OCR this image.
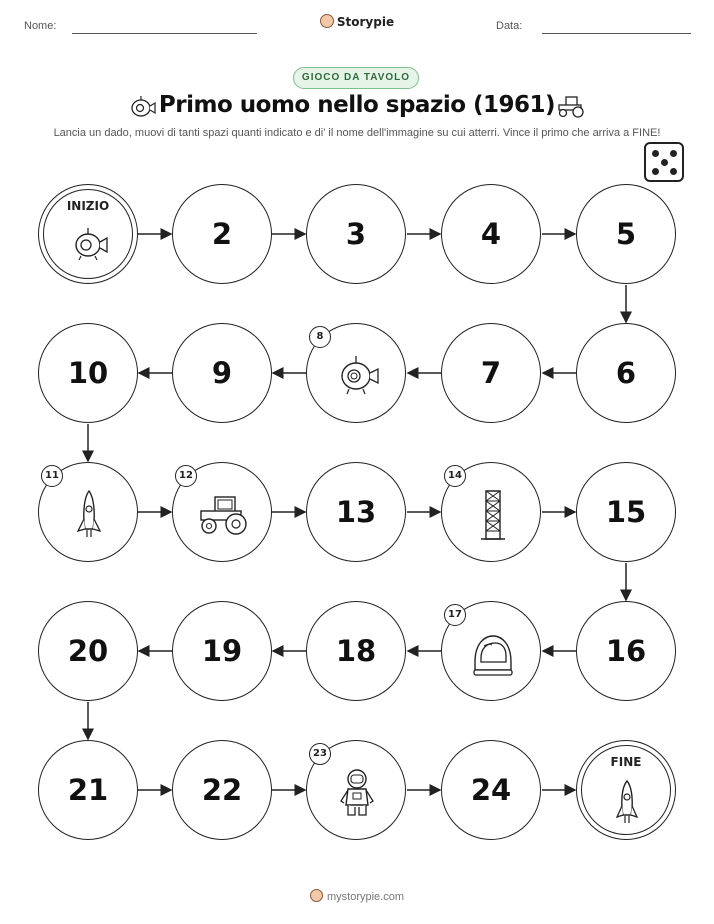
Nome:	Storypie	Data:
GIOCO DA TAVOLO
Primo uomo nello spazio (1961)
Lancia un dado, muovi di tanti spazi quanti indicato e di' il nome dell'immagine su cui atterri. Vince il primo che arriva a FINE!
INIZIO
2	3	4	5
6
7
8
9
10
11	12
13
14
15
16
17
18
19
20
21	22
23
24
FINE
mystorypie.com
